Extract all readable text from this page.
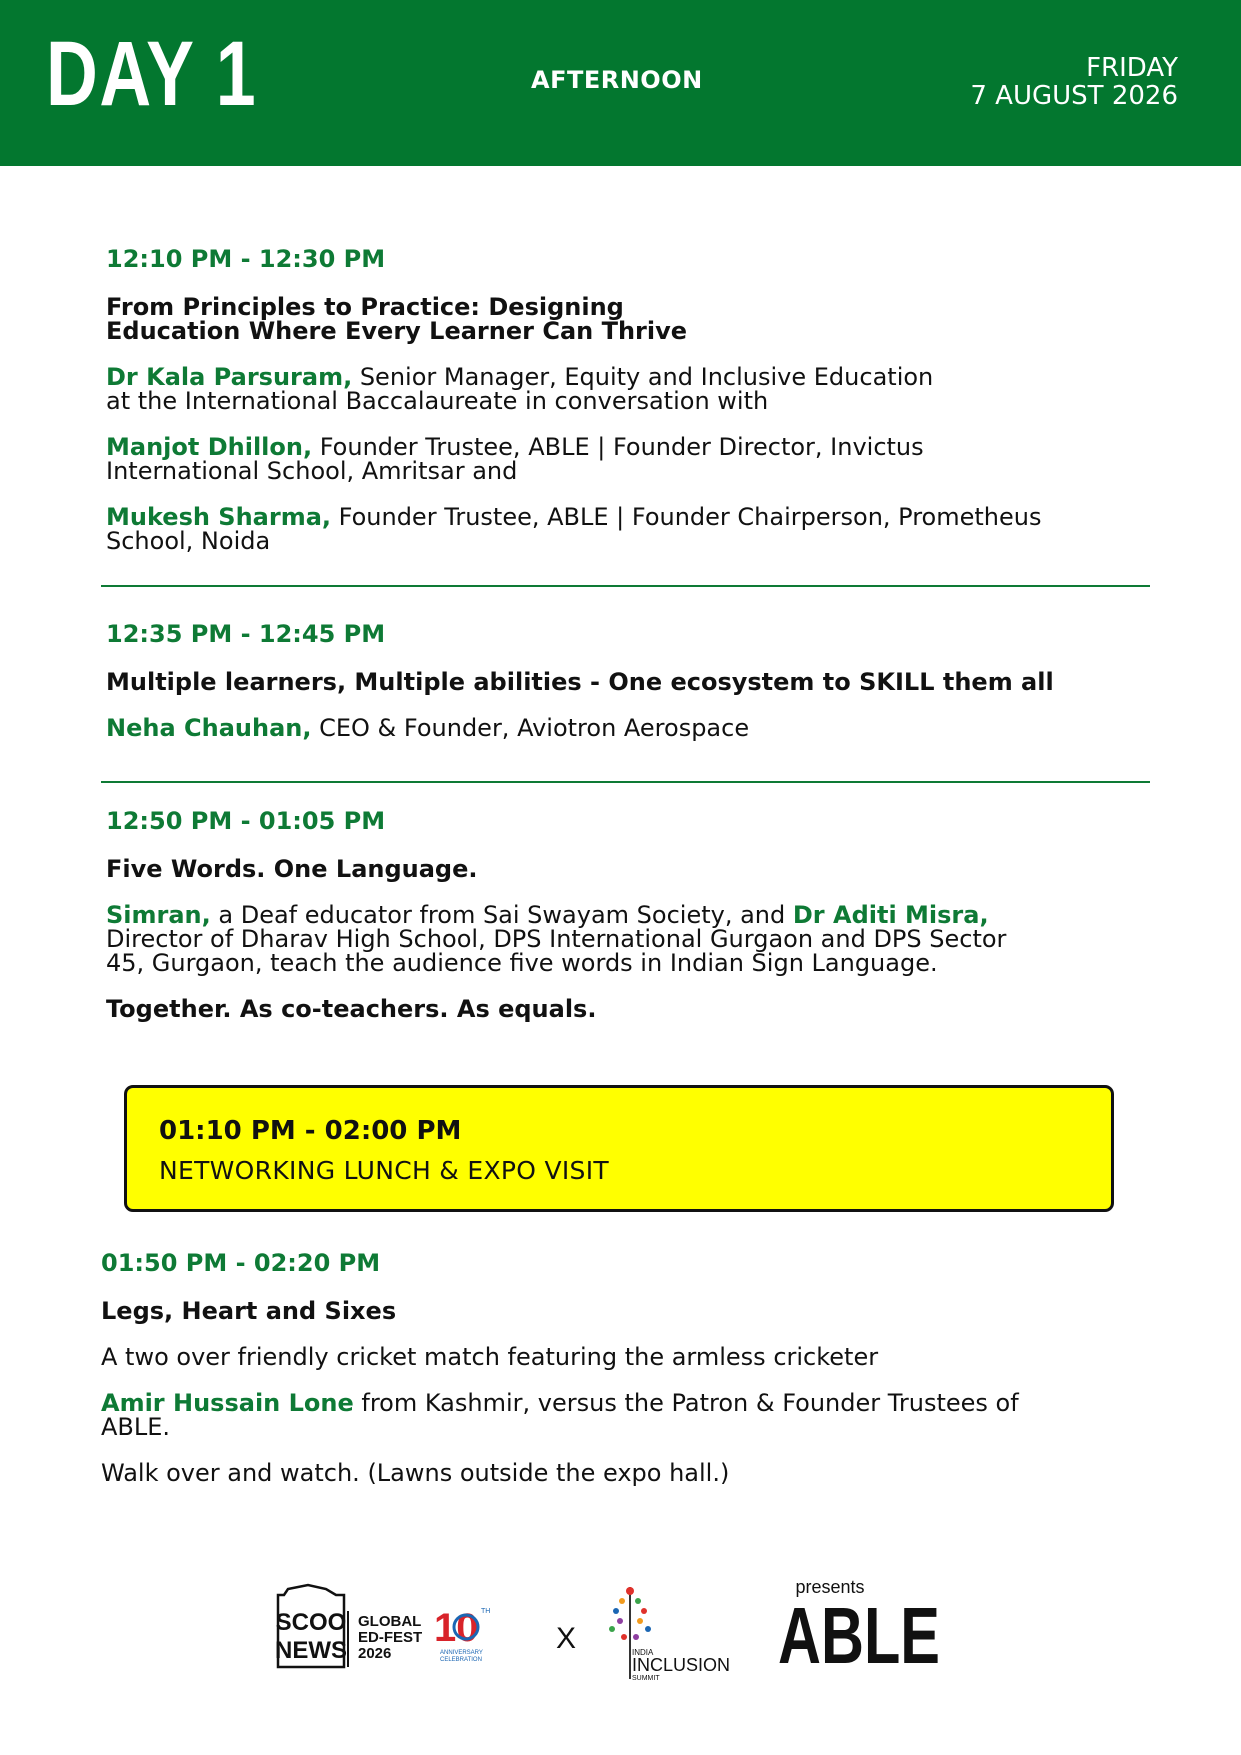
DAY 1	AFTERNOON	FRIDAY
7 AUGUST 2026
12:10 PM - 12:30 PM
From Principles to Practice: Designing
Education Where Every Learner Can Thrive
Dr Kala Parsuram, Senior Manager, Equity and Inclusive Education
at the International Baccalaureate in conversation with
Manjot Dhillon, Founder Trustee, ABLE | Founder Director, Invictus
International School, Amritsar and
Mukesh Sharma, Founder Trustee, ABLE | Founder Chairperson, Prometheus
School, Noida
12:35 PM - 12:45 PM
Multiple learners, Multiple abilities - One ecosystem to SKILL them all
Neha Chauhan, CEO & Founder, Aviotron Aerospace
12:50 PM - 01:05 PM
Five Words. One Language.
Simran, a Deaf educator from Sai Swayam Society, and Dr Aditi Misra,
Director of Dharav High School, DPS International Gurgaon and DPS Sector
45, Gurgaon, teach the audience five words in Indian Sign Language.
Together. As co-teachers. As equals.
01:10 PM - 02:00 PM
NETWORKING LUNCH & EXPO VISIT
01:50 PM - 02:20 PM
Legs, Heart and Sixes
A two over friendly cricket match featuring the armless cricketer
Amir Hussain Lone from Kashmir, versus the Patron & Founder Trustees of
ABLE.
Walk over and watch. (Lawns outside the expo hall.)
SCOO
NEWS
GLOBAL
ED-FEST
2026
10 TH
ANNIVERSARY
CELEBRATION
X	INDIA
INCLUSION
SUMMIT
presents
ABLE
